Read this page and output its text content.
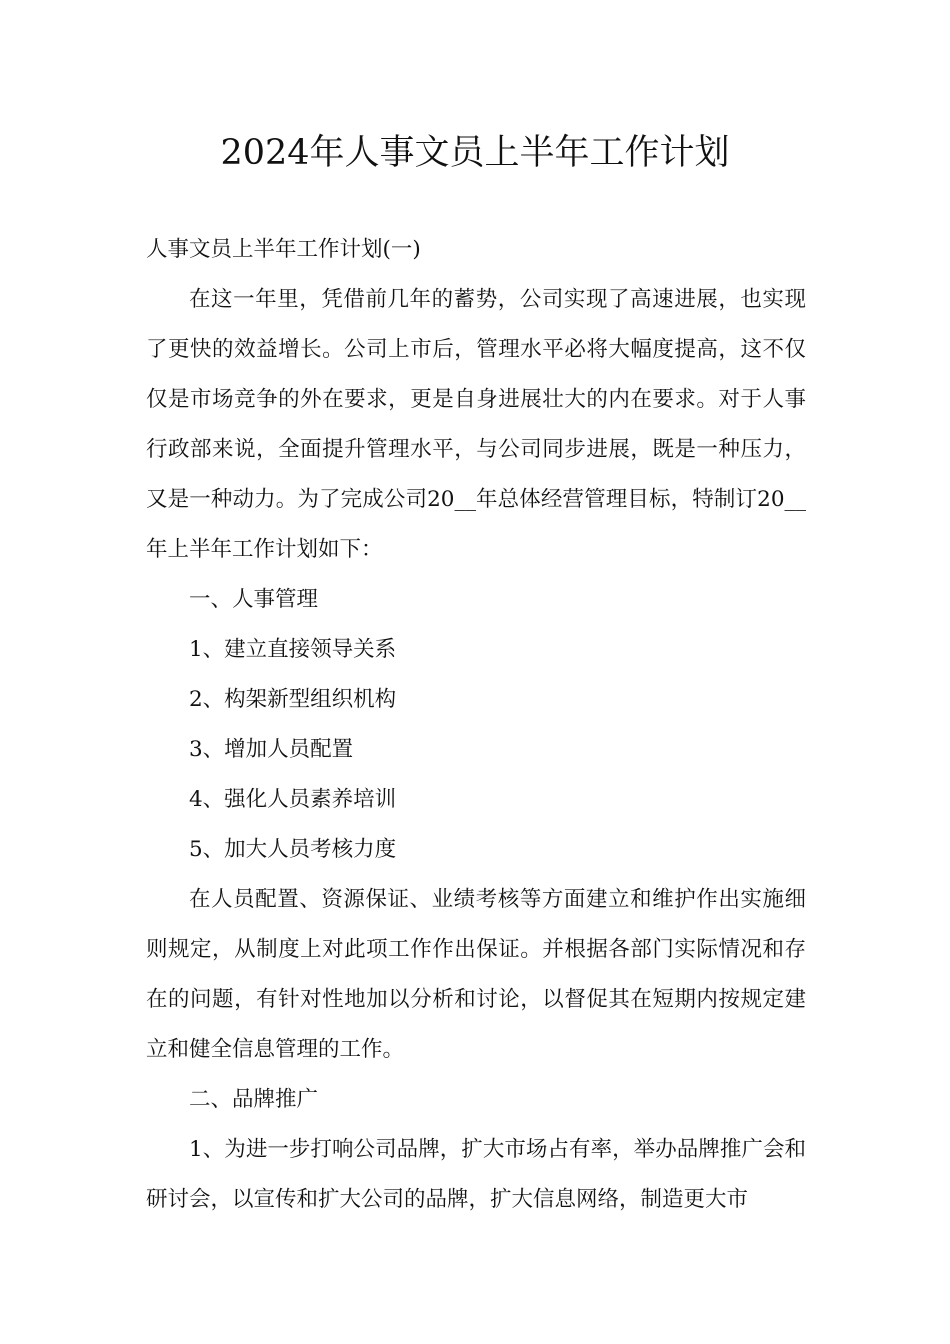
2024年人事文员上半年工作计划

人事文员上半年工作计划(一)

在这一年里，凭借前几年的蓄势，公司实现了高速进展，也实现了更快的效益增长。公司上市后，管理水平必将大幅度提高，这不仅仅是市场竞争的外在要求，更是自身进展壮大的内在要求。对于人事行政部来说，全面提升管理水平，与公司同步进展，既是一种压力，又是一种动力。为了完成公司20__年总体经营管理目标，特制订20__年上半年工作计划如下：

一、人事管理

1、建立直接领导关系

2、构架新型组织机构

3、增加人员配置

4、强化人员素养培训

5、加大人员考核力度

在人员配置、资源保证、业绩考核等方面建立和维护作出实施细则规定，从制度上对此项工作作出保证。并根据各部门实际情况和存在的问题，有针对性地加以分析和讨论，以督促其在短期内按规定建立和健全信息管理的工作。

二、品牌推广

1、为进一步打响公司品牌，扩大市场占有率，举办品牌推广会和研讨会，以宣传和扩大公司的品牌，扩大信息网络，制造更大市
